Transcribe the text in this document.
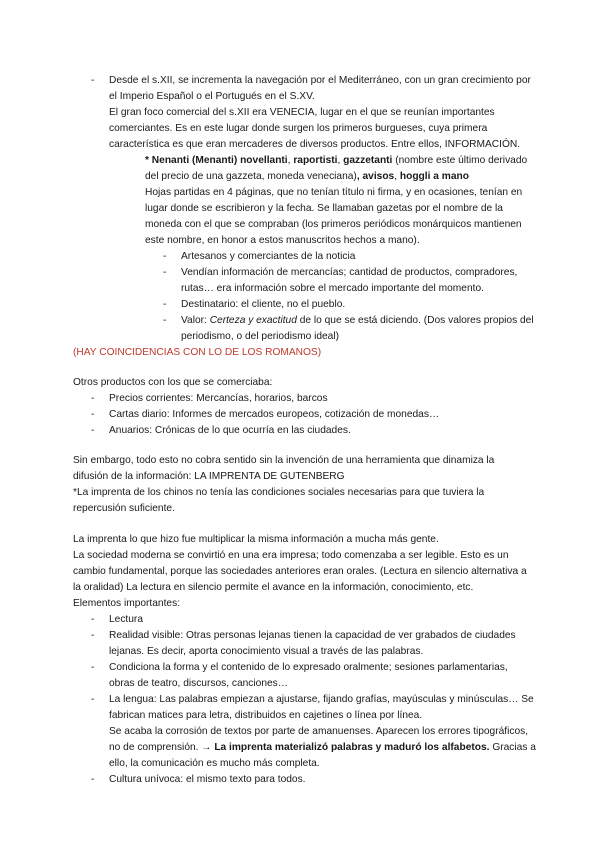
- Desde el s.XII, se incrementa la navegación por el Mediterráneo, con un gran crecimiento por
el Imperio Español o el Portugués en el S.XV.
El gran foco comercial del s.XII era VENECIA, lugar en el que se reunían importantes
comerciantes. Es en este lugar donde surgen los primeros burgueses, cuya primera
característica es que eran mercaderes de diversos productos. Entre ellos, INFORMACIÓN.
* Nenanti (Menanti) novellanti, raportisti, gazzetanti (nombre este último derivado
del precio de una gazzeta, moneda veneciana), avisos, hoggli a mano
Hojas partidas en 4 páginas, que no tenían título ni firma, y en ocasiones, tenían en
lugar donde se escribieron y la fecha. Se llamaban gazetas por el nombre de la
moneda con el que se compraban (los primeros periódicos monárquicos mantienen
este nombre, en honor a estos manuscritos hechos a mano).
- Artesanos y comerciantes de la noticia
- Vendían información de mercancías; cantidad de productos, compradores,
rutas… era información sobre el mercado importante del momento.
- Destinatario: el cliente, no el pueblo.
- Valor: Certeza y exactitud de lo que se está diciendo. (Dos valores propios del
periodismo, o del periodismo ideal)
(HAY COINCIDENCIAS CON LO DE LOS ROMANOS)
Otros productos con los que se comerciaba:
- Precios corrientes: Mercancías, horarios, barcos
- Cartas diario: Informes de mercados europeos, cotización de monedas…
- Anuarios: Crónicas de lo que ocurría en las ciudades.
Sin embargo, todo esto no cobra sentido sin la invención de una herramienta que dinamiza la
difusión de la información: LA IMPRENTA DE GUTENBERG
*La imprenta de los chinos no tenía las condiciones sociales necesarias para que tuviera la
repercusión suficiente.
La imprenta lo que hizo fue multiplicar la misma información a mucha más gente.
La sociedad moderna se convirtió en una era impresa; todo comenzaba a ser legible. Esto es un
cambio fundamental, porque las sociedades anteriores eran orales. (Lectura en silencio alternativa a
la oralidad) La lectura en silencio permite el avance en la información, conocimiento, etc.
Elementos importantes:
- Lectura
- Realidad visible: Otras personas lejanas tienen la capacidad de ver grabados de ciudades
lejanas. Es decir, aporta conocimiento visual a través de las palabras.
- Condiciona la forma y el contenido de lo expresado oralmente; sesiones parlamentarias,
obras de teatro, discursos, canciones…
- La lengua: Las palabras empiezan a ajustarse, fijando grafías, mayúsculas y minúsculas… Se
fabrican matices para letra, distribuidos en cajetines o línea por línea.
Se acaba la corrosión de textos por parte de amanuenses. Aparecen los errores tipográficos,
no de comprensión. → La imprenta materializó palabras y maduró los alfabetos. Gracias a
ello, la comunicación es mucho más completa.
- Cultura unívoca: el mismo texto para todos.
